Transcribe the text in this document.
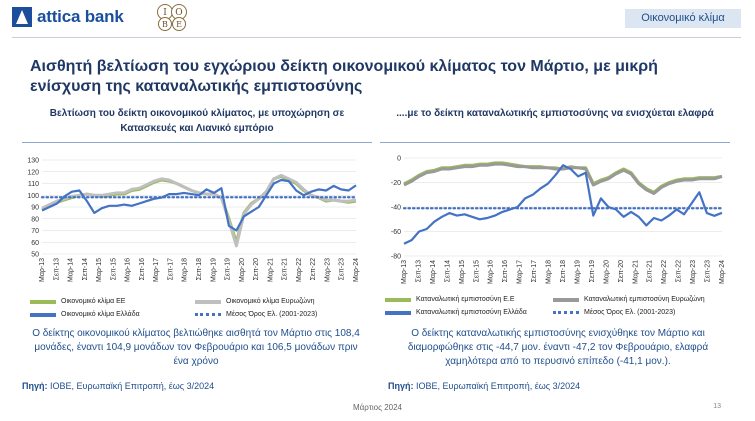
attica bank	Ι Ο
Β Ε
Οικονομικό κλίμα
Αισθητή βελτίωση του εγχώριου δείκτη οικονομικού κλίματος τον Μάρτιο, με μικρή ενίσχυση της καταναλωτικής εμπιστοσύνης
Βελτίωση του δείκτη οικονομικού κλίματος, με υποχώρηση σε Κατασκευές και Λιανικό εμπόριο
50
60
70
80
90
100
110
120
130
Μαρ-13 Σεπ-13 Μαρ-14 Σεπ-14 Μαρ-15 Σεπ-15 Μαρ-16 Σεπ-16 Μαρ-17 Σεπ-17 Μαρ-18 Σεπ-18 Μαρ-19 Σεπ-19 Μαρ-20 Σεπ-20 Μαρ-21 Σεπ-21 Μαρ-22 Σεπ-22 Μαρ-23 Σεπ-23 Μαρ-24
Οικονομικό κλίμα ΕΕ	Οικονομικό κλίμα Ευρωζώνη
Οικονομικό κλίμα Ελλάδα	Μέσος Όρος Ελ. (2001-2023)
Ο δείκτης οικονομικού κλίματος βελτιώθηκε αισθητά τον Μάρτιο στις 108,4 μονάδες, έναντι 104,9 μονάδων τον Φεβρουάριο και 106,5 μονάδων πριν ένα χρόνο
Πηγή: ΙΟΒΕ, Ευρωπαϊκή Επιτροπή, έως 3/2024
....με το δείκτη καταναλωτικής εμπιστοσύνης να ενισχύεται ελαφρά
-80
-60
-40
-20
0
Μαρ-13 Σεπ-13 Μαρ-14 Σεπ-14 Μαρ-15 Σεπ-15 Μαρ-16 Σεπ-16 Μαρ-17 Σεπ-17 Μαρ-18 Σεπ-18 Μαρ-19 Σεπ-19 Μαρ-20 Σεπ-20 Μαρ-21 Σεπ-21 Μαρ-22 Σεπ-22 Μαρ-23 Σεπ-23 Μαρ-24
Καταναλωτική εμπιστοσύνη Ε.Ε	Καταναλωτική εμπιστοσύνη Ευρωζώνη
Καταναλωτική εμπιστοσύνη Ελλάδα	Μέσος Όρος Ελ. (2001-2023)
Ο δείκτης καταναλωτικής εμπιστοσύνης ενισχύθηκε τον Μάρτιο και διαμορφώθηκε στις -44,7 μον. έναντι -47,2 τον Φεβρουάριο, ελαφρά χαμηλότερα από το περυσινό επίπεδο (-41,1 μον.).
Πηγή: ΙΟΒΕ, Ευρωπαϊκή Επιτροπή, έως 3/2024
Μάρτιος 2024	13
